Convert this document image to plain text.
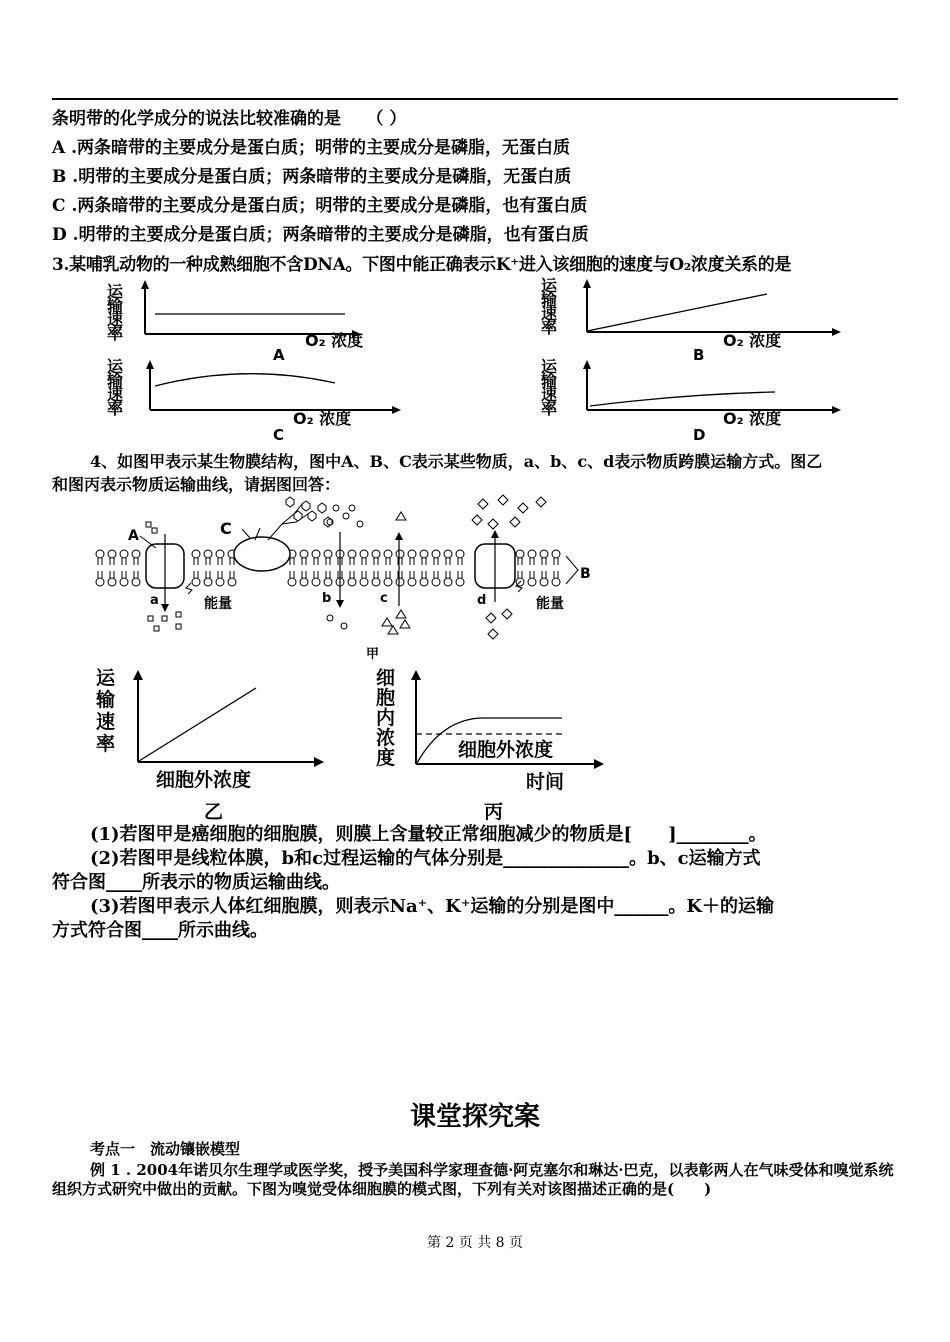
条明带的化学成分的说法比较准确的是　　（ ）
A .两条暗带的主要成分是蛋白质；明带的主要成分是磷脂，无蛋白质
B .明带的主要成分是蛋白质；两条暗带的主要成分是磷脂，无蛋白质
C .两条暗带的主要成分是蛋白质；明带的主要成分是磷脂，也有蛋白质
D .明带的主要成分是蛋白质；两条暗带的主要成分是磷脂，也有蛋白质
3.某哺乳动物的一种成熟细胞不含DNA。下图中能正确表示K⁺进入该细胞的速度与O₂浓度关系的是
运
输
速
率	O₂ 浓度
A
运
输
速
率
O₂ 浓度
B
运
输
速
率
O₂ 浓度
C
运
输
速
率
O₂ 浓度
D
4、如图甲表示某生物膜结构，图中A、B、C表示某些物质，a、b、c、d表示物质跨膜运输方式。图乙
和图丙表示物质运输曲线，请据图回答：
A	C
B
a	b	c	d
能量	能量
甲
运
输
速
率
细胞外浓度
乙
细
胞
内
浓
度	细胞外浓度
时间
丙
(1)若图甲是癌细胞的细胞膜，则膜上含量较正常细胞减少的物质是[　　]________。
(2)若图甲是线粒体膜，b和c过程运输的气体分别是______________。b、c运输方式
符合图____所表示的物质运输曲线。
(3)若图甲表示人体红细胞膜，则表示Na⁺、K⁺运输的分别是图中______。K＋的运输
方式符合图____所示曲线。
课堂探究案
考点一　流动镶嵌模型
例 1 . 2004年诺贝尔生理学或医学奖，授予美国科学家理查德·阿克塞尔和琳达·巴克，以表彰两人在气味受体和嗅觉系统组织方式研究中做出的贡献。下图为嗅觉受体细胞膜的模式图，下列有关对该图描述正确的是(　　)
第 2 页 共 8 页
